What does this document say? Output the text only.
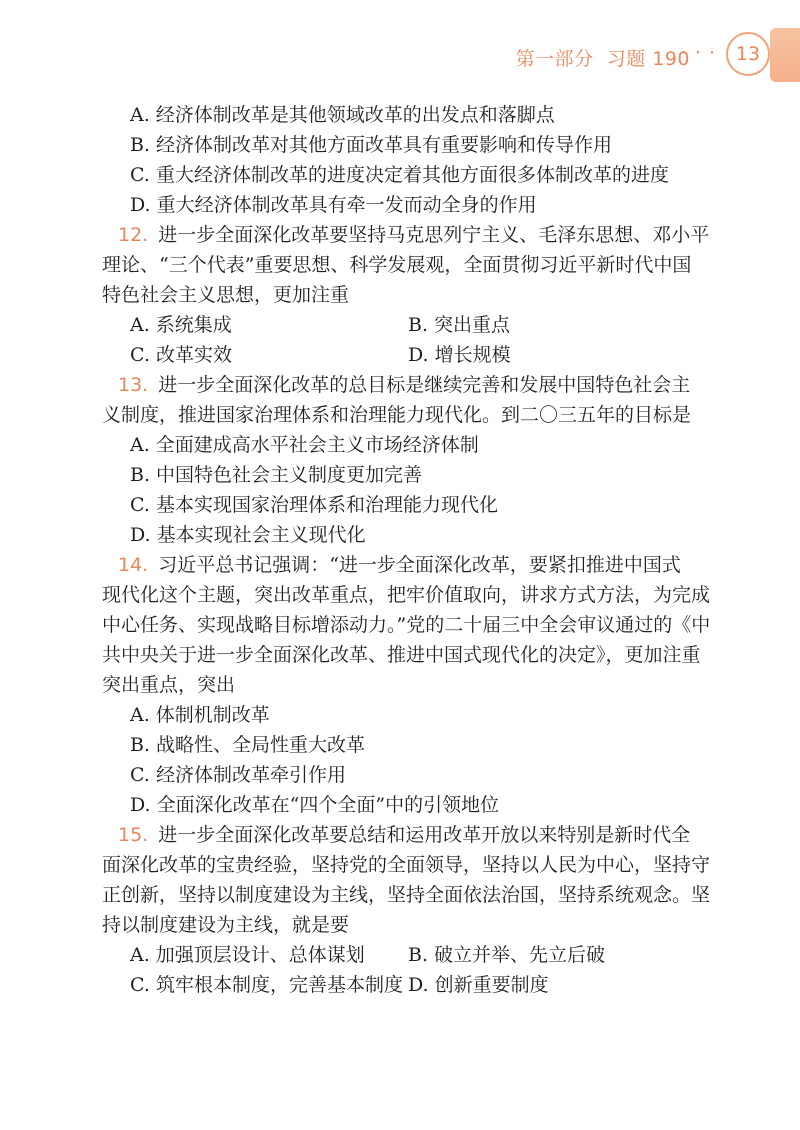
第一部分 习题 190
· · ·	13
A. 经济体制改革是其他领域改革的出发点和落脚点
B. 经济体制改革对其他方面改革具有重要影响和传导作用
C. 重大经济体制改革的进度决定着其他方面很多体制改革的进度
D. 重大经济体制改革具有牵一发而动全身的作用
12. 进一步全面深化改革要坚持马克思列宁主义、毛泽东思想、邓小平
理论、“三个代表”重要思想、科学发展观，全面贯彻习近平新时代中国
特色社会主义思想，更加注重
A. 系统集成	B. 突出重点
C. 改革实效	D. 增长规模
13. 进一步全面深化改革的总目标是继续完善和发展中国特色社会主
义制度，推进国家治理体系和治理能力现代化。到二〇三五年的目标是
A. 全面建成高水平社会主义市场经济体制
B. 中国特色社会主义制度更加完善
C. 基本实现国家治理体系和治理能力现代化
D. 基本实现社会主义现代化
14. 习近平总书记强调：“进一步全面深化改革，要紧扣推进中国式
现代化这个主题，突出改革重点，把牢价值取向，讲求方式方法，为完成
中心任务、实现战略目标增添动力。”党的二十届三中全会审议通过的《中
共中央关于进一步全面深化改革、推进中国式现代化的决定》，更加注重
突出重点，突出
A. 体制机制改革
B. 战略性、全局性重大改革
C. 经济体制改革牵引作用
D. 全面深化改革在“四个全面”中的引领地位
15. 进一步全面深化改革要总结和运用改革开放以来特别是新时代全
面深化改革的宝贵经验，坚持党的全面领导，坚持以人民为中心，坚持守
正创新，坚持以制度建设为主线，坚持全面依法治国，坚持系统观念。坚
持以制度建设为主线，就是要
A. 加强顶层设计、总体谋划	B. 破立并举、先立后破
C. 筑牢根本制度，完善基本制度 D. 创新重要制度
